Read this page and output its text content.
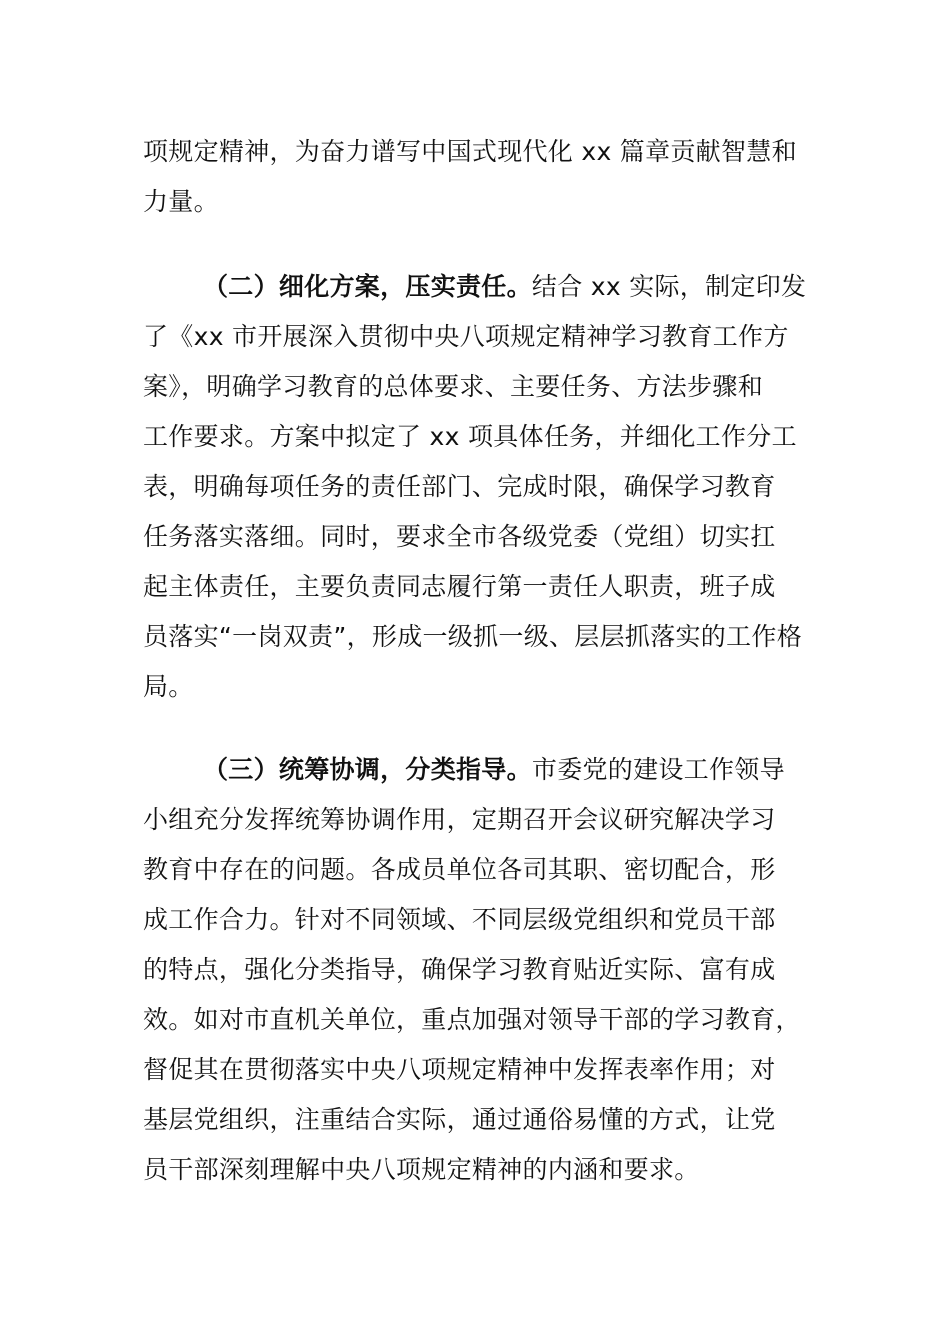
项规定精神，为奋力谱写中国式现代化 xx 篇章贡献智慧和
力量。
（二）细化方案，压实责任。结合 xx 实际，制定印发
了《xx 市开展深入贯彻中央八项规定精神学习教育工作方
案》，明确学习教育的总体要求、主要任务、方法步骤和
工作要求。方案中拟定了 xx 项具体任务，并细化工作分工
表，明确每项任务的责任部门、完成时限，确保学习教育
任务落实落细。同时，要求全市各级党委（党组）切实扛
起主体责任，主要负责同志履行第一责任人职责，班子成
员落实“一岗双责”，形成一级抓一级、层层抓落实的工作格
局。
（三）统筹协调，分类指导。市委党的建设工作领导
小组充分发挥统筹协调作用，定期召开会议研究解决学习
教育中存在的问题。各成员单位各司其职、密切配合，形
成工作合力。针对不同领域、不同层级党组织和党员干部
的特点，强化分类指导，确保学习教育贴近实际、富有成
效。如对市直机关单位，重点加强对领导干部的学习教育，
督促其在贯彻落实中央八项规定精神中发挥表率作用；对
基层党组织，注重结合实际，通过通俗易懂的方式，让党
员干部深刻理解中央八项规定精神的内涵和要求。
